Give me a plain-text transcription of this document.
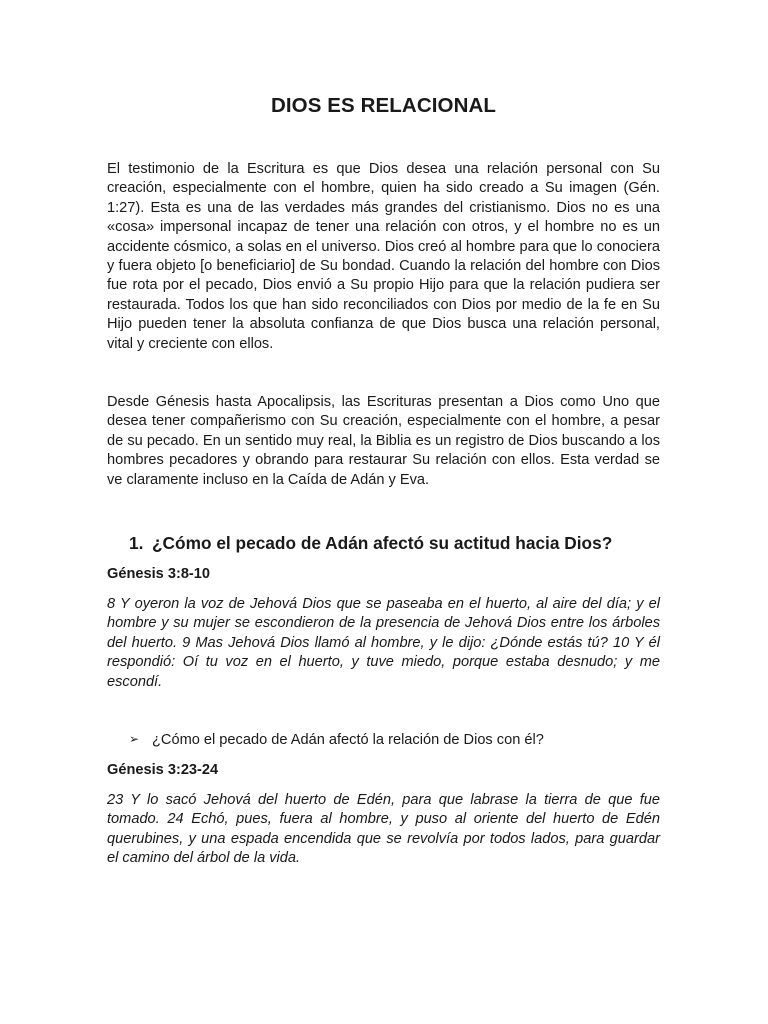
DIOS ES RELACIONAL

El testimonio de la Escritura es que Dios desea una relación personal con Su creación, especialmente con el hombre, quien ha sido creado a Su imagen (Gén. 1:27). Esta es una de las verdades más grandes del cristianismo. Dios no es una «cosa» impersonal incapaz de tener una relación con otros, y el hombre no es un accidente cósmico, a solas en el universo. Dios creó al hombre para que lo conociera y fuera objeto [o beneficiario] de Su bondad. Cuando la relación del hombre con Dios fue rota por el pecado, Dios envió a Su propio Hijo para que la relación pudiera ser restaurada. Todos los que han sido reconciliados con Dios por medio de la fe en Su Hijo pueden tener la absoluta confianza de que Dios busca una relación personal, vital y creciente con ellos.

Desde Génesis hasta Apocalipsis, las Escrituras presentan a Dios como Uno que desea tener compañerismo con Su creación, especialmente con el hombre, a pesar de su pecado. En un sentido muy real, la Biblia es un registro de Dios buscando a los hombres pecadores y obrando para restaurar Su relación con ellos. Esta verdad se ve claramente incluso en la Caída de Adán y Eva.

1. ¿Cómo el pecado de Adán afectó su actitud hacia Dios?

Génesis 3:8-10

8 Y oyeron la voz de Jehová Dios que se paseaba en el huerto, al aire del día; y el hombre y su mujer se escondieron de la presencia de Jehová Dios entre los árboles del huerto. 9 Mas Jehová Dios llamó al hombre, y le dijo: ¿Dónde estás tú? 10 Y él respondió: Oí tu voz en el huerto, y tuve miedo, porque estaba desnudo; y me escondí.

➢ ¿Cómo el pecado de Adán afectó la relación de Dios con él?

Génesis 3:23-24

23 Y lo sacó Jehová del huerto de Edén, para que labrase la tierra de que fue tomado. 24 Echó, pues, fuera al hombre, y puso al oriente del huerto de Edén querubines, y una espada encendida que se revolvía por todos lados, para guardar el camino del árbol de la vida.
